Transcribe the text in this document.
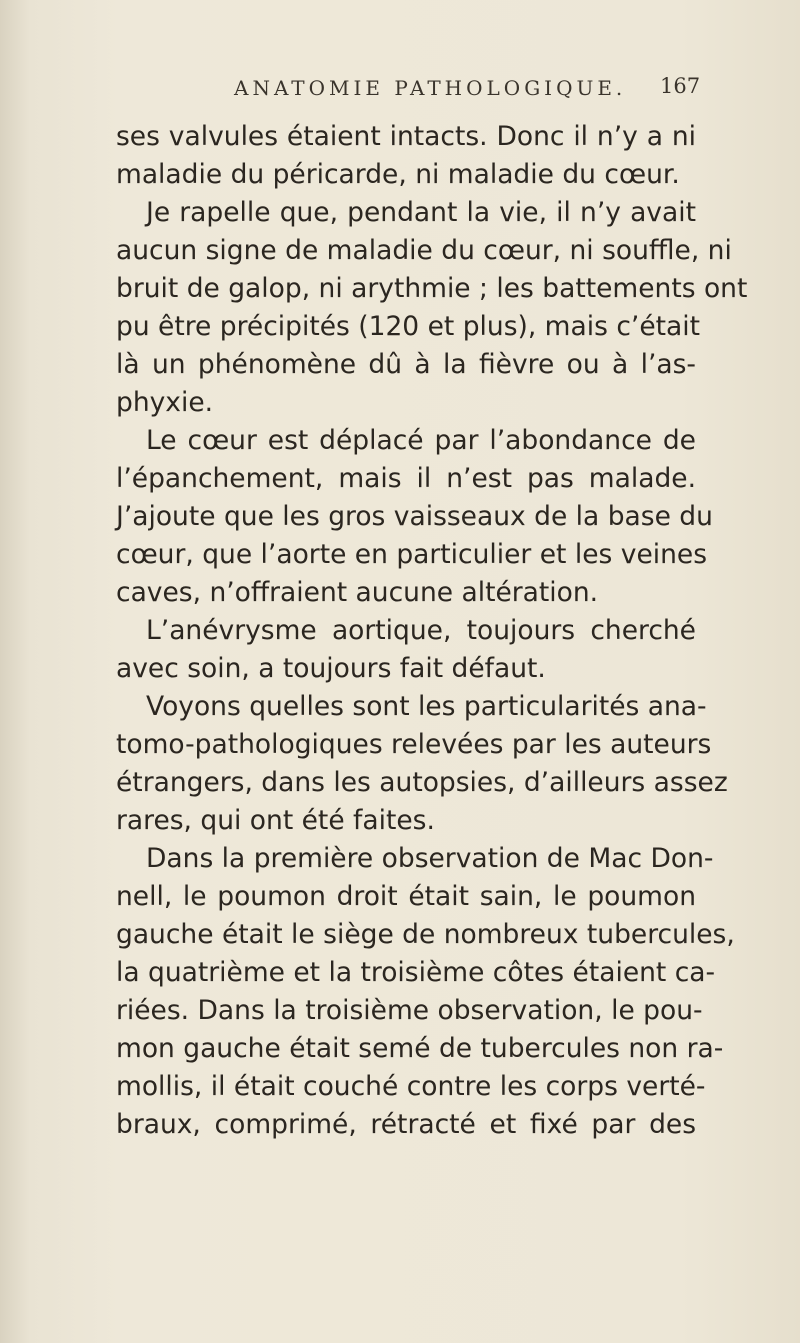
ANATOMIE PATHOLOGIQUE. 167
ses valvules étaient intacts. Donc il n’y a ni
maladie du péricarde, ni maladie du cœur.
Je rapelle que, pendant la vie, il n’y avait
aucun signe de maladie du cœur, ni souffle, ni
bruit de galop, ni arythmie ; les battements ont
pu être précipités (120 et plus), mais c’était
là un phénomène dû à la fièvre ou à l’as-
phyxie.
Le cœur est déplacé par l’abondance de
l’épanchement, mais il n’est pas malade.
J’ajoute que les gros vaisseaux de la base du
cœur, que l’aorte en particulier et les veines
caves, n’offraient aucune altération.
L’anévrysme aortique, toujours cherché
avec soin, a toujours fait défaut.
Voyons quelles sont les particularités ana-
tomo-pathologiques relevées par les auteurs
étrangers, dans les autopsies, d’ailleurs assez
rares, qui ont été faites.
Dans la première observation de Mac Don-
nell, le poumon droit était sain, le poumon
gauche était le siège de nombreux tubercules,
la quatrième et la troisième côtes étaient ca-
riées. Dans la troisième observation, le pou-
mon gauche était semé de tubercules non ra-
mollis, il était couché contre les corps verté-
braux, comprimé, rétracté et fixé par des
